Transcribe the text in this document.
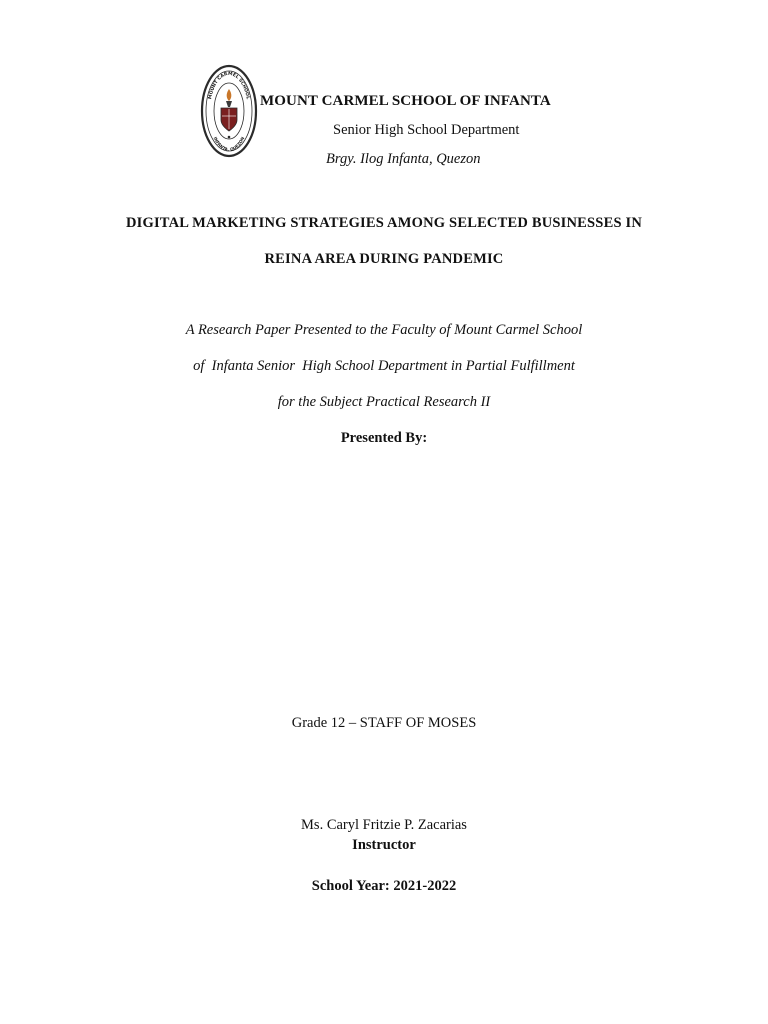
MOUNT CARMEL SCHOOL
INFANTA, QUEZON
MOUNT CARMEL SCHOOL OF INFANTA
Senior High School Department
Brgy. Ilog Infanta, Quezon
DIGITAL MARKETING STRATEGIES AMONG SELECTED BUSINESSES IN
REINA AREA DURING PANDEMIC
A Research Paper Presented to the Faculty of Mount Carmel School
of  Infanta Senior  High School Department in Partial Fulfillment
for the Subject Practical Research II
Presented By:
Grade 12 – STAFF OF MOSES
Ms. Caryl Fritzie P. Zacarias
Instructor
School Year: 2021-2022
